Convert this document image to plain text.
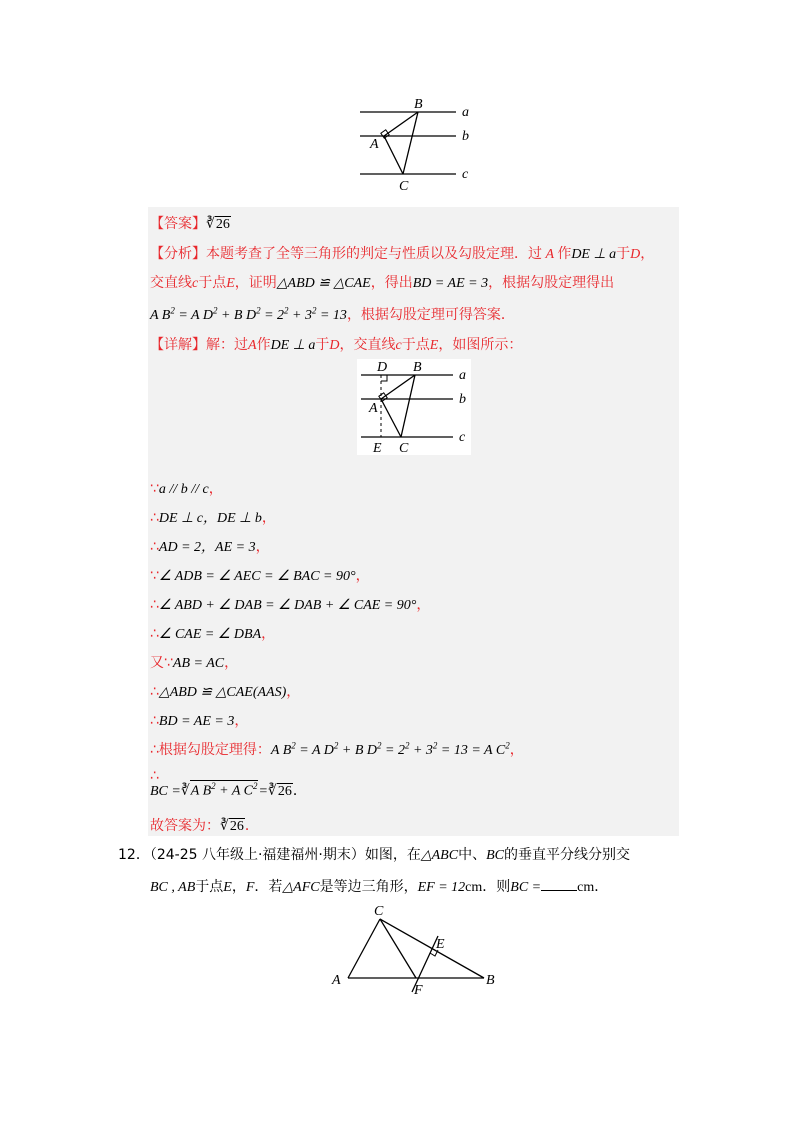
B
A
C
a
b
c
【答案】∛26
【分析】本题考查了全等三角形的判定与性质以及勾股定理．过 A 作DE ⊥ a于D，
交直线c于点E，证明△ABD ≌ △CAE，得出BD = AE = 3，根据勾股定理得出
A $B^2 = A$ $D^2 + B$ $D^2 = 2^2 + 3^2 = 13$，根据勾股定理可得答案．
【详解】解：过A作DE ⊥ a于D，交直线c于点E，如图所示：
D B
A
E C
a
b
c
∵a // b // c，
∴DE ⊥ c，DE ⊥ b，
∴AD = 2，AE = 3，
∵∠ ADB = ∠ AEC = ∠ BAC = 90°，
∴∠ ABD + ∠ DAB = ∠ DAB + ∠ CAE = 90°，
∴∠ CAE = ∠ DBA，
又∵AB = AC，
∴△ABD ≌ △CAE(AAS)，
∴BD = AE = 3，
∴根据勾股定理得：A $B^2 = A$ $D^2 + B$ $D^2 = 2^2 + 3^2 = 13 = A$ $C^2$，
∴
BC =∛A $B^2 + A$ $C^2=∛26$．
故答案为：∛26．
12．（24-25 八年级上·福建福州·期末）如图，在△ABC中、BC的垂直平分线分别交
BC , AB于点E，F．若△AFC是等边三角形，EF = 12cm．则BC =	cm．
C
E
A
F
B
